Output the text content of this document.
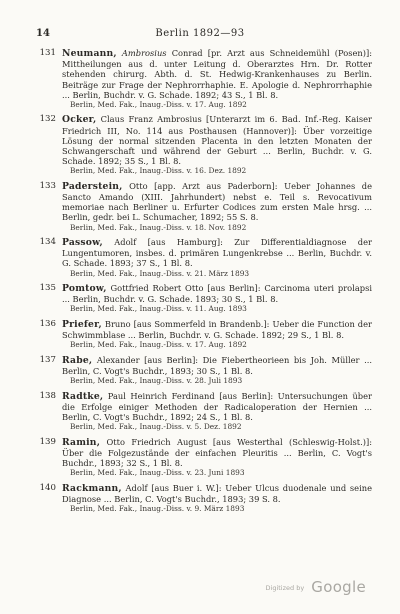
14	Berlin 1892—93
131 Neumann, Ambrosius Conrad [pr. Arzt aus Schneidemühl (Posen)]: Mittheilungen aus d. unter Leitung d. Oberarztes Hrn. Dr. Rotter stehenden chirurg. Abth. d. St. Hedwig-Krankenhauses zu Berlin. Beiträge zur Frage der Nephrorrhaphie. E. Apologie d. Nephrorrhaphie ... Berlin, Buchdr. v. G. Schade. 1892; 43 S., 1 Bl. 8.

Berlin, Med. Fak., Inaug.-Diss. v. 17. Aug. 1892

132 Ocker, Claus Franz Ambrosius [Unterarzt im 6. Bad. Inf.-Reg. Kaiser Friedrich III, No. 114 aus Posthausen (Hannover)]: Über vorzeitige Lösung der normal sitzenden Placenta in den letzten Monaten der Schwangerschaft und während der Geburt ... Berlin, Buchdr. v. G. Schade. 1892; 35 S., 1 Bl. 8.

Berlin, Med. Fak., Inaug.-Diss. v. 16. Dez. 1892

133 Paderstein, Otto [app. Arzt aus Paderborn]: Ueber Johannes de Sancto Amando (XIII. Jahrhundert) nebst e. Teil s. Revocativum memoriae nach Berliner u. Erfurter Codices zum ersten Male hrsg. ... Berlin, gedr. bei L. Schumacher, 1892; 55 S. 8.

Berlin, Med. Fak., Inaug.-Diss. v. 18. Nov. 1892

134 Passow, Adolf [aus Hamburg]: Zur Differentialdiagnose der Lungentumoren, insbes. d. primären Lungenkrebse ... Berlin, Buchdr. v. G. Schade. 1893; 37 S., 1 Bl. 8.

Berlin, Med. Fak., Inaug.-Diss. v. 21. März 1893

135 Pomtow, Gottfried Robert Otto [aus Berlin]: Carcinoma uteri prolapsi ... Berlin, Buchdr. v. G. Schade. 1893; 30 S., 1 Bl. 8.

Berlin, Med. Fak., Inaug.-Diss. v. 11. Aug. 1893

136 Priefer, Bruno [aus Sommerfeld in Brandenb.]: Ueber die Function der Schwimmblase ... Berlin, Buchdr. v. G. Schade. 1892; 29 S., 1 Bl. 8.

Berlin, Med. Fak., Inaug.-Diss. v. 17. Aug. 1892

137 Rabe, Alexander [aus Berlin]: Die Fiebertheorieen bis Joh. Müller ... Berlin, C. Vogt's Buchdr., 1893; 30 S., 1 Bl. 8.

Berlin, Med. Fak., Inaug.-Diss. v. 28. Juli 1893

138 Radtke, Paul Heinrich Ferdinand [aus Berlin]: Untersuchungen über die Erfolge einiger Methoden der Radicaloperation der Hernien ... Berlin, C. Vogt's Buchdr., 1892; 24 S., 1 Bl. 8.

Berlin, Med. Fak., Inaug.-Diss. v. 5. Dez. 1892

139 Ramin, Otto Friedrich August [aus Westerthal (Schleswig-Holst.)]: Über die Folgezustände der einfachen Pleuritis ... Berlin, C. Vogt's Buchdr., 1893; 32 S., 1 Bl. 8.

Berlin, Med. Fak., Inaug.-Diss. v. 23. Juni 1893

140 Rackmann, Adolf [aus Buer i. W.]: Ueber Ulcus duodenale und seine Diagnose ... Berlin, C. Vogt's Buchdr., 1893; 39 S. 8.

Berlin, Med. Fak., Inaug.-Diss. v. 9. März 1893

Digitized by Google
